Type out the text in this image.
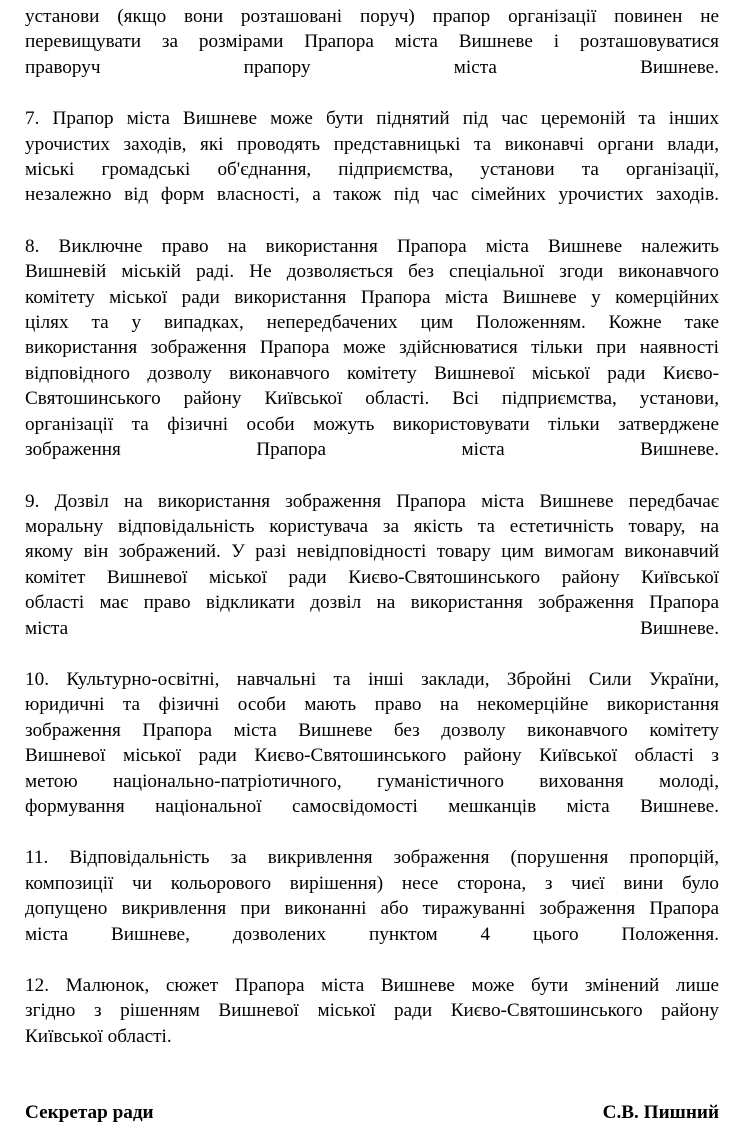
установи (якщо вони розташовані поруч) прапор організації повинен не
перевищувати за розмірами Прапора міста Вишневе і розташовуватися
праворуч прапору міста Вишневе.

7. Прапор міста Вишневе може бути піднятий під час церемоній та інших
урочистих заходів, які проводять представницькі та виконавчі органи влади,
міські громадські об'єднання, підприємства, установи та організації,
незалежно від форм власності, а також під час сімейних урочистих заходів.

8. Виключне право на використання Прапора міста Вишневе належить
Вишневій міській раді. Не дозволяється без спеціальної згоди виконавчого
комітету міської ради використання Прапора міста Вишневе у комерційних
цілях та у випадках, непередбачених цим Положенням. Кожне таке
використання зображення Прапора може здійснюватися тільки при наявності
відповідного дозволу виконавчого комітету Вишневої міської ради Києво-
Святошинського району Київської області. Всі підприємства, установи,
організації та фізичні особи можуть використовувати тільки затверджене
зображення Прапора міста Вишневе.

9. Дозвіл на використання зображення Прапора міста Вишневе передбачає
моральну відповідальність користувача за якість та естетичність товару, на
якому він зображений. У разі невідповідності товару цим вимогам виконавчий
комітет Вишневої міської ради Києво-Святошинського району Київської
області має право відкликати дозвіл на використання зображення Прапора
міста Вишневе.

10. Культурно-освітні, навчальні та інші заклади, Збройні Сили України,
юридичні та фізичні особи мають право на некомерційне використання
зображення Прапора міста Вишневе без дозволу виконавчого комітету
Вишневої міської ради Києво-Святошинського району Київської області з
метою національно-патріотичного, гуманістичного виховання молоді,
формування національної самосвідомості мешканців міста Вишневе.

11. Відповідальність за викривлення зображення (порушення пропорцій,
композиції чи кольорового вирішення) несе сторона, з чиєї вини було
допущено викривлення при виконанні або тиражуванні зображення Прапора
міста Вишневе, дозволених пунктом 4 цього Положення.

12. Малюнок, сюжет Прапора міста Вишневе може бути змінений лише
згідно з рішенням Вишневої міської ради Києво-Святошинського району
Київської області.

Секретар ради	С.В. Пишний
